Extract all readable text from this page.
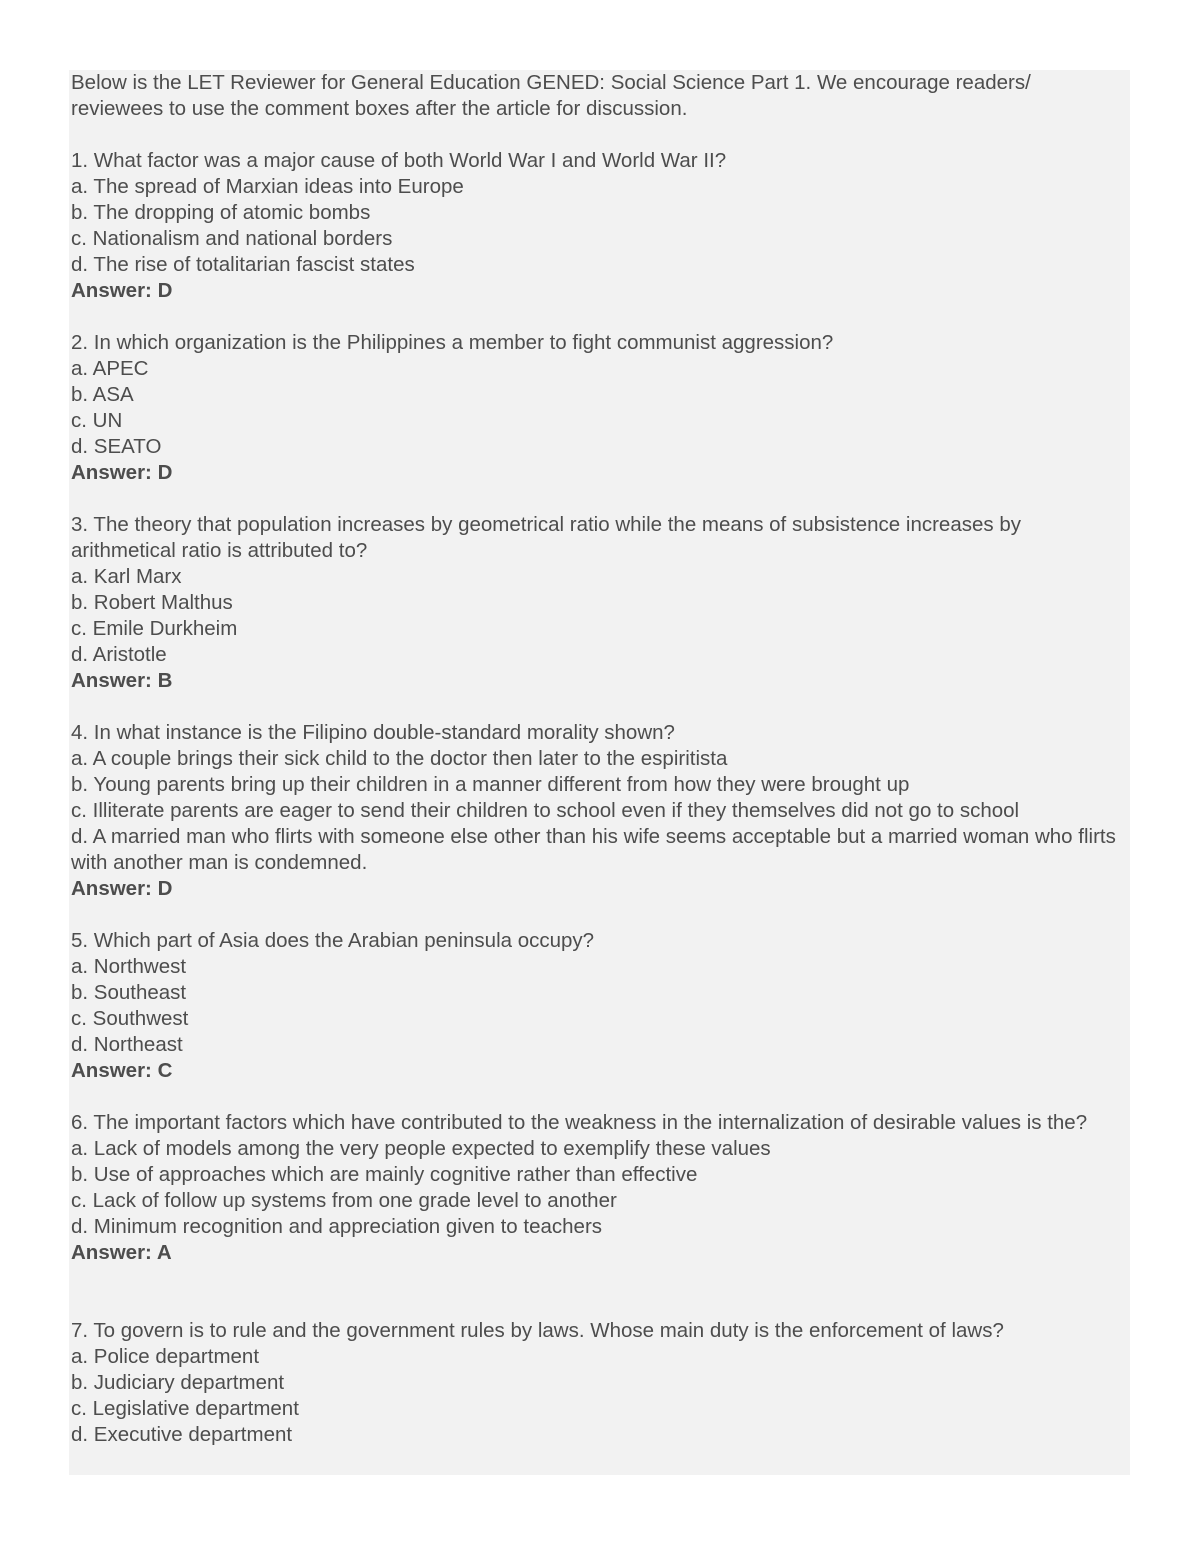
Below is the LET Reviewer for General Education GENED: Social Science Part 1. We encourage readers/ reviewees to use the comment boxes after the article for discussion.

1. What factor was a major cause of both World War I and World War II?
a. The spread of Marxian ideas into Europe
b. The dropping of atomic bombs
c. Nationalism and national borders
d. The rise of totalitarian fascist states
Answer: D
2. In which organization is the Philippines a member to fight communist aggression?
a. APEC
b. ASA
c. UN
d. SEATO
Answer: D
3. The theory that population increases by geometrical ratio while the means of subsistence increases by arithmetical ratio is attributed to?
a. Karl Marx
b. Robert Malthus
c. Emile Durkheim
d. Aristotle
Answer: B
4. In what instance is the Filipino double-standard morality shown?
a. A couple brings their sick child to the doctor then later to the espiritista
b. Young parents bring up their children in a manner different from how they were brought up
c. Illiterate parents are eager to send their children to school even if they themselves did not go to school
d. A married man who flirts with someone else other than his wife seems acceptable but a married woman who flirts with another man is condemned.
Answer: D
5. Which part of Asia does the Arabian peninsula occupy?
a. Northwest
b. Southeast
c. Southwest
d. Northeast
Answer: C
6. The important factors which have contributed to the weakness in the internalization of desirable values is the?
a. Lack of models among the very people expected to exemplify these values
b. Use of approaches which are mainly cognitive rather than effective
c. Lack of follow up systems from one grade level to another
d. Minimum recognition and appreciation given to teachers
Answer: A
7. To govern is to rule and the government rules by laws. Whose main duty is the enforcement of laws?
a. Police department
b. Judiciary department
c. Legislative department
d. Executive department
